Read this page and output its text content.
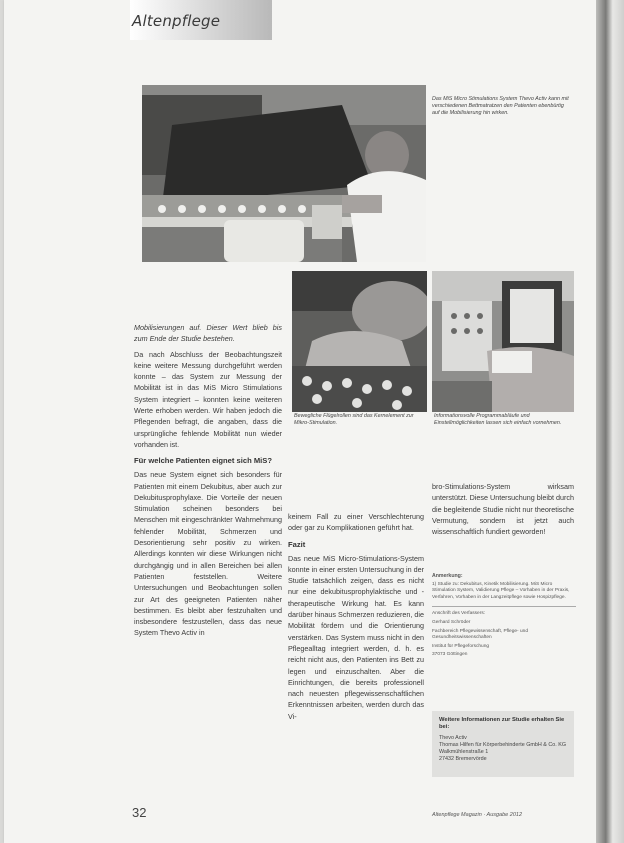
Altenpflege
Das MiS Micro Stimulations System Thevo Activ kann mit verschiedenen Bettmatratzen den Patienten ebenbürtig auf die Mobilisierung hin wirken.
Bewegliche Flügelrollen sind das Kernelement zur Mikro-Stimulation.
Informationsvolle Programmabläufe und Einstellmöglichkeiten lassen sich einfach vornehmen.

Mobilisierungen auf. Dieser Wert blieb bis zum Ende der Studie bestehen.

Da nach Abschluss der Beobachtungszeit keine weitere Messung durchgeführt werden konnte – das System zur Messung der Mobilität ist in das MiS Micro Stimulations System integriert – konnten keine weiteren Werte erhoben werden. Wir haben jedoch die Pflegenden befragt, die angaben, dass die ursprüngliche fehlende Mobilität nun wieder vorhanden ist.

Für welche Patienten eignet sich MiS?

Das neue System eignet sich besonders für Patienten mit einem Dekubitus, aber auch zur Dekubitusprophylaxe. Die Vorteile der neuen Stimulation scheinen besonders bei Menschen mit eingeschränkter Wahrnehmung fehlender Mobilität, Schmerzen und Desorientierung sehr positiv zu wirken. Allerdings konnten wir diese Wirkungen nicht durchgängig und in allen Bereichen bei allen Patienten feststellen. Weitere Untersuchungen und Beobachtungen sollen zur Art des geeigneten Patienten näher bestimmen. Es bleibt aber festzuhalten und insbesondere festzustellen, dass das neue System Thevo Activ in

keinem Fall zu einer Verschlechterung oder gar zu Komplikationen geführt hat.

Fazit

Das neue MiS Micro-Stimulations-System konnte in einer ersten Untersuchung in der Studie tatsächlich zeigen, dass es nicht nur eine dekubitusprophylaktische und -therapeutische Wirkung hat. Es kann darüber hinaus Schmerzen reduzieren, die Mobilität fördern und die Orientierung verstärken. Das System muss nicht in den Pflegealltag integriert werden, d. h. es reicht nicht aus, den Patienten ins Bett zu legen und einzuschalten. Aber die Einrichtungen, die bereits professionell nach neuesten pflegewissenschaftlichen Erkenntnissen arbeiten, werden durch das Vi-

bro-Stimulations-System wirksam unterstützt. Diese Untersuchung bleibt durch die begleitende Studie nicht nur theoretische Vermutung, sondern ist jetzt auch wissenschaftlich fundiert geworden!

Anmerkung:

1) Studie zu: Dekubitus, Kinetik Mobilisierung. MiS Micro Stimulation System, Validierung Pflege – Vorhaben in der Praxis, Verfahren, Vorhaben in der Langzeitpflege sowie Hospizpflege.

Anschrift des Verfassers:

Gerhard Schröder

Fachbereich Pflegewissenschaft, Pflege- und Gesundheitswissenschaften

Institut für Pflegeforschung

37073 Göttingen

Weitere Informationen zur Studie erhalten Sie bei:
Thevo Activ
Thomas Hilfen für Körperbehinderte GmbH & Co. KG
Walkmühlenstraße 1
27432 Bremervörde
32	Altenpflege Magazin · Ausgabe 2012
